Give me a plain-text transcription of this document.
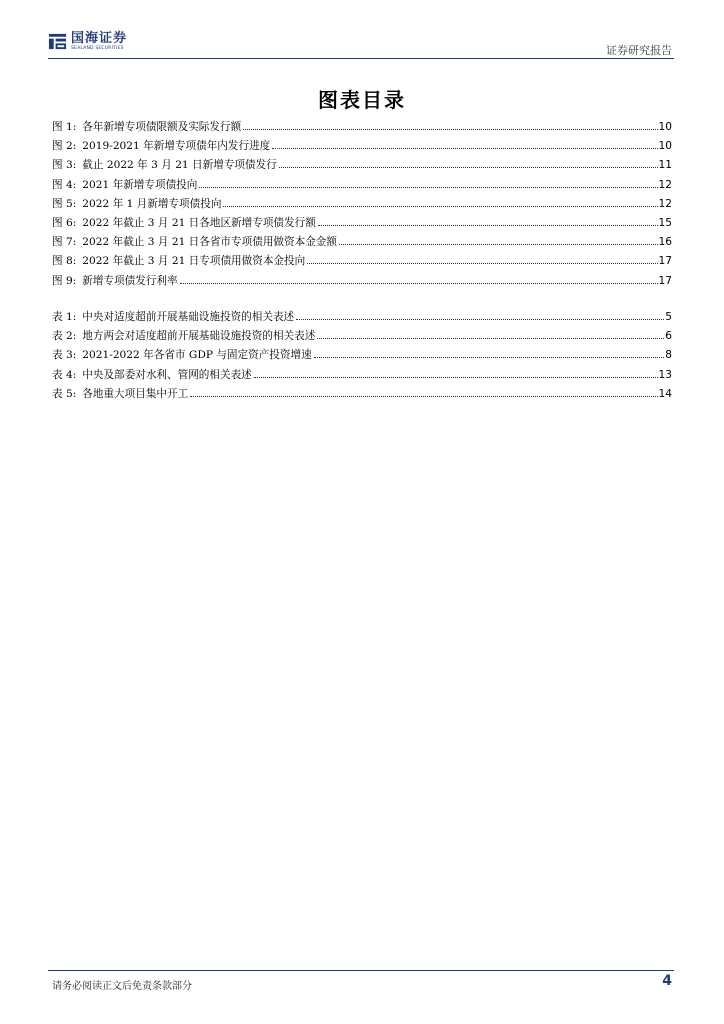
国海证券
SEALAND SECURITIES	证券研究报告
图表目录
图 1: 各年新增专项债限额及实际发行额	10
图 2: 2019-2021 年新增专项债年内发行进度	10
图 3: 截止 2022 年 3 月 21 日新增专项债发行	11
图 4: 2021 年新增专项债投向	12
图 5: 2022 年 1 月新增专项债投向	12
图 6: 2022 年截止 3 月 21 日各地区新增专项债发行额	15
图 7: 2022 年截止 3 月 21 日各省市专项债用做资本金金额	16
图 8: 2022 年截止 3 月 21 日专项债用做资本金投向	17
图 9: 新增专项债发行利率	17
表 1: 中央对适度超前开展基础设施投资的相关表述	5
表 2: 地方两会对适度超前开展基础设施投资的相关表述	6
表 3: 2021-2022 年各省市 GDP 与固定资产投资增速	8
表 4: 中央及部委对水利、管网的相关表述	13
表 5: 各地重大项目集中开工	14
请务必阅读正文后免责条款部分	4
